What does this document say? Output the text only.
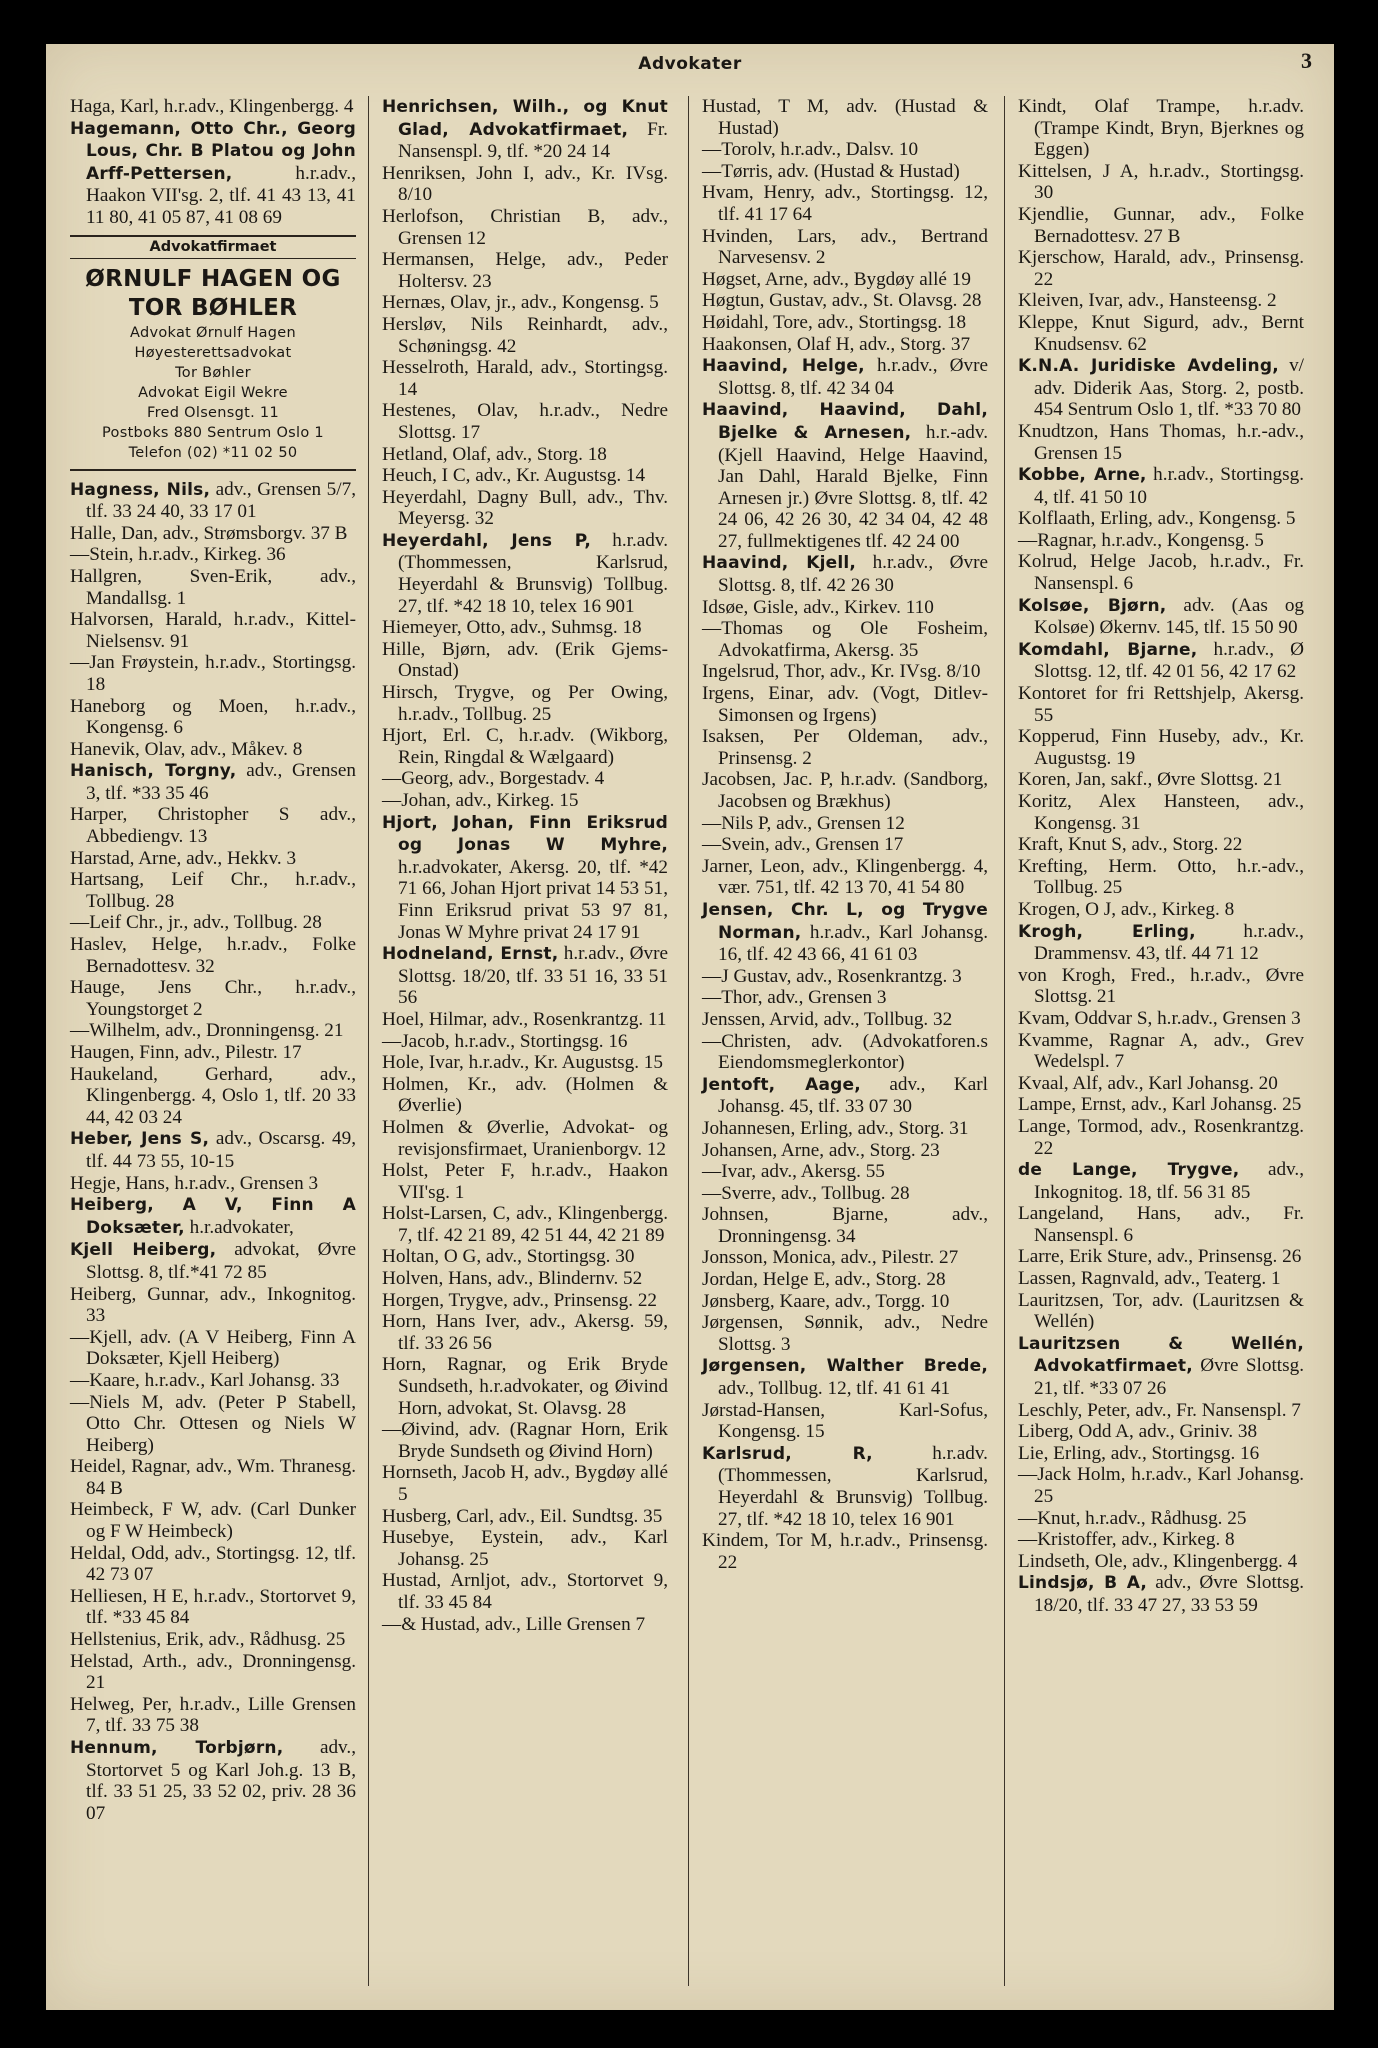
Advokater	3

Haga, Karl, h.r.adv., Klingenbergg. 4

Hagemann, Otto Chr., Georg Lous, Chr. B Platou og John Arff-Pettersen, h.r.adv., Haakon VII'sg. 2, tlf. 41 43 13, 41 11 80, 41 05 87, 41 08 69

Advokatfirmaet
ØRNULF HAGEN OG
TOR BØHLER
Advokat Ørnulf Hagen
Høyesterettsadvokat
Tor Bøhler
Advokat Eigil Wekre
Fred Olsensgt. 11
Postboks 880 Sentrum Oslo 1
Telefon (02) *11 02 50

Hagness, Nils, adv., Grensen 5/7, tlf. 33 24 40, 33 17 01

Halle, Dan, adv., Strømsborgv. 37 B

—Stein, h.r.adv., Kirkeg. 36

Hallgren, Sven-Erik, adv., Mandallsg. 1

Halvorsen, Harald, h.r.adv., Kittel-Nielsensv. 91

—Jan Frøystein, h.r.adv., Stortingsg. 18

Haneborg og Moen, h.r.adv., Kongensg. 6

Hanevik, Olav, adv., Måkev. 8

Hanisch, Torgny, adv., Grensen 3, tlf. *33 35 46

Harper, Christopher S adv., Abbediengv. 13

Harstad, Arne, adv., Hekkv. 3

Hartsang, Leif Chr., h.r.adv., Tollbug. 28

—Leif Chr., jr., adv., Tollbug. 28

Haslev, Helge, h.r.adv., Folke Bernadottesv. 32

Hauge, Jens Chr., h.r.adv., Youngstorget 2

—Wilhelm, adv., Dronningensg. 21

Haugen, Finn, adv., Pilestr. 17

Haukeland, Gerhard, adv., Klingenbergg. 4, Oslo 1, tlf. 20 33 44, 42 03 24

Heber, Jens S, adv., Oscarsg. 49, tlf. 44 73 55, 10-15

Hegje, Hans, h.r.adv., Grensen 3

Heiberg, A V, Finn A Doksæter, h.r.advokater,

Kjell Heiberg, advokat, Øvre Slottsg. 8, tlf.*41 72 85

Heiberg, Gunnar, adv., Inkognitog. 33

—Kjell, adv. (A V Heiberg, Finn A Doksæter, Kjell Heiberg)

—Kaare, h.r.adv., Karl Johansg. 33

—Niels M, adv. (Peter P Stabell, Otto Chr. Ottesen og Niels W Heiberg)

Heidel, Ragnar, adv., Wm. Thranesg. 84 B

Heimbeck, F W, adv. (Carl Dunker og F W Heimbeck)

Heldal, Odd, adv., Stortingsg. 12, tlf. 42 73 07

Helliesen, H E, h.r.adv., Stortorvet 9, tlf. *33 45 84

Hellstenius, Erik, adv., Rådhusg. 25

Helstad, Arth., adv., Dronningensg. 21

Helweg, Per, h.r.adv., Lille Grensen 7, tlf. 33 75 38

Hennum, Torbjørn, adv., Stortorvet 5 og Karl Joh.g. 13 B, tlf. 33 51 25, 33 52 02, priv. 28 36 07

Henrichsen, Wilh., og Knut Glad, Advokatfirmaet, Fr. Nansenspl. 9, tlf. *20 24 14

Henriksen, John I, adv., Kr. IVsg. 8/10

Herlofson, Christian B, adv., Grensen 12

Hermansen, Helge, adv., Peder Holtersv. 23

Hernæs, Olav, jr., adv., Kongensg. 5

Hersløv, Nils Reinhardt, adv., Schøningsg. 42

Hesselroth, Harald, adv., Stortingsg. 14

Hestenes, Olav, h.r.adv., Nedre Slottsg. 17

Hetland, Olaf, adv., Storg. 18

Heuch, I C, adv., Kr. Augustsg. 14

Heyerdahl, Dagny Bull, adv., Thv. Meyersg. 32

Heyerdahl, Jens P, h.r.adv. (Thommessen, Karlsrud, Heyerdahl & Brunsvig) Tollbug. 27, tlf. *42 18 10, telex 16 901

Hiemeyer, Otto, adv., Suhmsg. 18

Hille, Bjørn, adv. (Erik Gjems-Onstad)

Hirsch, Trygve, og Per Owing, h.r.adv., Tollbug. 25

Hjort, Erl. C, h.r.adv. (Wikborg, Rein, Ringdal & Wælgaard)

—Georg, adv., Borgestadv. 4

—Johan, adv., Kirkeg. 15

Hjort, Johan, Finn Eriksrud og Jonas W Myhre, h.r.advokater, Akersg. 20, tlf. *42 71 66, Johan Hjort privat 14 53 51, Finn Eriksrud privat 53 97 81, Jonas W Myhre privat 24 17 91

Hodneland, Ernst, h.r.adv., Øvre Slottsg. 18/20, tlf. 33 51 16, 33 51 56

Hoel, Hilmar, adv., Rosenkrantzg. 11

—Jacob, h.r.adv., Stortingsg. 16

Hole, Ivar, h.r.adv., Kr. Augustsg. 15

Holmen, Kr., adv. (Holmen & Øverlie)

Holmen & Øverlie, Advokat- og revisjonsfirmaet, Uranienborgv. 12

Holst, Peter F, h.r.adv., Haakon VII'sg. 1

Holst-Larsen, C, adv., Klingenbergg. 7, tlf. 42 21 89, 42 51 44, 42 21 89

Holtan, O G, adv., Stortingsg. 30

Holven, Hans, adv., Blindernv. 52

Horgen, Trygve, adv., Prinsensg. 22

Horn, Hans Iver, adv., Akersg. 59, tlf. 33 26 56

Horn, Ragnar, og Erik Bryde Sundseth, h.r.advokater, og Øivind Horn, advokat, St. Olavsg. 28

—Øivind, adv. (Ragnar Horn, Erik Bryde Sundseth og Øivind Horn)

Hornseth, Jacob H, adv., Bygdøy allé 5

Husberg, Carl, adv., Eil. Sundtsg. 35

Husebye, Eystein, adv., Karl Johansg. 25

Hustad, Arnljot, adv., Stortorvet 9, tlf. 33 45 84

—& Hustad, adv., Lille Grensen 7

Hustad, T M, adv. (Hustad & Hustad)

—Torolv, h.r.adv., Dalsv. 10

—Tørris, adv. (Hustad & Hustad)

Hvam, Henry, adv., Stortingsg. 12, tlf. 41 17 64

Hvinden, Lars, adv., Bertrand Narvesensv. 2

Høgset, Arne, adv., Bygdøy allé 19

Høgtun, Gustav, adv., St. Olavsg. 28

Høidahl, Tore, adv., Stortingsg. 18

Haakonsen, Olaf H, adv., Storg. 37

Haavind, Helge, h.r.adv., Øvre Slottsg. 8, tlf. 42 34 04

Haavind, Haavind, Dahl, Bjelke & Arnesen, h.r.-adv. (Kjell Haavind, Helge Haavind, Jan Dahl, Harald Bjelke, Finn Arnesen jr.) Øvre Slottsg. 8, tlf. 42 24 06, 42 26 30, 42 34 04, 42 48 27, fullmektigenes tlf. 42 24 00

Haavind, Kjell, h.r.adv., Øvre Slottsg. 8, tlf. 42 26 30

Idsøe, Gisle, adv., Kirkev. 110

—Thomas og Ole Fosheim, Advokatfirma, Akersg. 35

Ingelsrud, Thor, adv., Kr. IVsg. 8/10

Irgens, Einar, adv. (Vogt, Ditlev-Simonsen og Irgens)

Isaksen, Per Oldeman, adv., Prinsensg. 2

Jacobsen, Jac. P, h.r.adv. (Sandborg, Jacobsen og Brækhus)

—Nils P, adv., Grensen 12

—Svein, adv., Grensen 17

Jarner, Leon, adv., Klingenbergg. 4, vær. 751, tlf. 42 13 70, 41 54 80

Jensen, Chr. L, og Trygve Norman, h.r.adv., Karl Johansg. 16, tlf. 42 43 66, 41 61 03

—J Gustav, adv., Rosenkrantzg. 3

—Thor, adv., Grensen 3

Jenssen, Arvid, adv., Tollbug. 32

—Christen, adv. (Advokatforen.s Eiendomsmeglerkontor)

Jentoft, Aage, adv., Karl Johansg. 45, tlf. 33 07 30

Johannesen, Erling, adv., Storg. 31

Johansen, Arne, adv., Storg. 23

—Ivar, adv., Akersg. 55

—Sverre, adv., Tollbug. 28

Johnsen, Bjarne, adv., Dronningensg. 34

Jonsson, Monica, adv., Pilestr. 27

Jordan, Helge E, adv., Storg. 28

Jønsberg, Kaare, adv., Torgg. 10

Jørgensen, Sønnik, adv., Nedre Slottsg. 3

Jørgensen, Walther Brede, adv., Tollbug. 12, tlf. 41 61 41

Jørstad-Hansen, Karl-Sofus, Kongensg. 15

Karlsrud, R, h.r.adv. (Thommessen, Karlsrud, Heyerdahl & Brunsvig) Tollbug. 27, tlf. *42 18 10, telex 16 901

Kindem, Tor M, h.r.adv., Prinsensg. 22

Kindt, Olaf Trampe, h.r.adv. (Trampe Kindt, Bryn, Bjerknes og Eggen)

Kittelsen, J A, h.r.adv., Stortingsg. 30

Kjendlie, Gunnar, adv., Folke Bernadottesv. 27 B

Kjerschow, Harald, adv., Prinsensg. 22

Kleiven, Ivar, adv., Hansteensg. 2

Kleppe, Knut Sigurd, adv., Bernt Knudsensv. 62

K.N.A. Juridiske Avdeling, v/ adv. Diderik Aas, Storg. 2, postb. 454 Sentrum Oslo 1, tlf. *33 70 80

Knudtzon, Hans Thomas, h.r.-adv., Grensen 15

Kobbe, Arne, h.r.adv., Stortingsg. 4, tlf. 41 50 10

Kolflaath, Erling, adv., Kongensg. 5

—Ragnar, h.r.adv., Kongensg. 5

Kolrud, Helge Jacob, h.r.adv., Fr. Nansenspl. 6

Kolsøe, Bjørn, adv. (Aas og Kolsøe) Økernv. 145, tlf. 15 50 90

Komdahl, Bjarne, h.r.adv., Ø Slottsg. 12, tlf. 42 01 56, 42 17 62

Kontoret for fri Rettshjelp, Akersg. 55

Kopperud, Finn Huseby, adv., Kr. Augustsg. 19

Koren, Jan, sakf., Øvre Slottsg. 21

Koritz, Alex Hansteen, adv., Kongensg. 31

Kraft, Knut S, adv., Storg. 22

Krefting, Herm. Otto, h.r.-adv., Tollbug. 25

Krogen, O J, adv., Kirkeg. 8

Krogh, Erling, h.r.adv., Drammensv. 43, tlf. 44 71 12

von Krogh, Fred., h.r.adv., Øvre Slottsg. 21

Kvam, Oddvar S, h.r.adv., Grensen 3

Kvamme, Ragnar A, adv., Grev Wedelspl. 7

Kvaal, Alf, adv., Karl Johansg. 20

Lampe, Ernst, adv., Karl Johansg. 25

Lange, Tormod, adv., Rosenkrantzg. 22

de Lange, Trygve, adv., Inkognitog. 18, tlf. 56 31 85

Langeland, Hans, adv., Fr. Nansenspl. 6

Larre, Erik Sture, adv., Prinsensg. 26

Lassen, Ragnvald, adv., Teaterg. 1

Lauritzsen, Tor, adv. (Lauritzsen & Wellén)

Lauritzsen & Wellén, Advokatfirmaet, Øvre Slottsg. 21, tlf. *33 07 26

Leschly, Peter, adv., Fr. Nansenspl. 7

Liberg, Odd A, adv., Griniv. 38

Lie, Erling, adv., Stortingsg. 16

—Jack Holm, h.r.adv., Karl Johansg. 25

—Knut, h.r.adv., Rådhusg. 25

—Kristoffer, adv., Kirkeg. 8

Lindseth, Ole, adv., Klingenbergg. 4

Lindsjø, B A, adv., Øvre Slottsg. 18/20, tlf. 33 47 27, 33 53 59
